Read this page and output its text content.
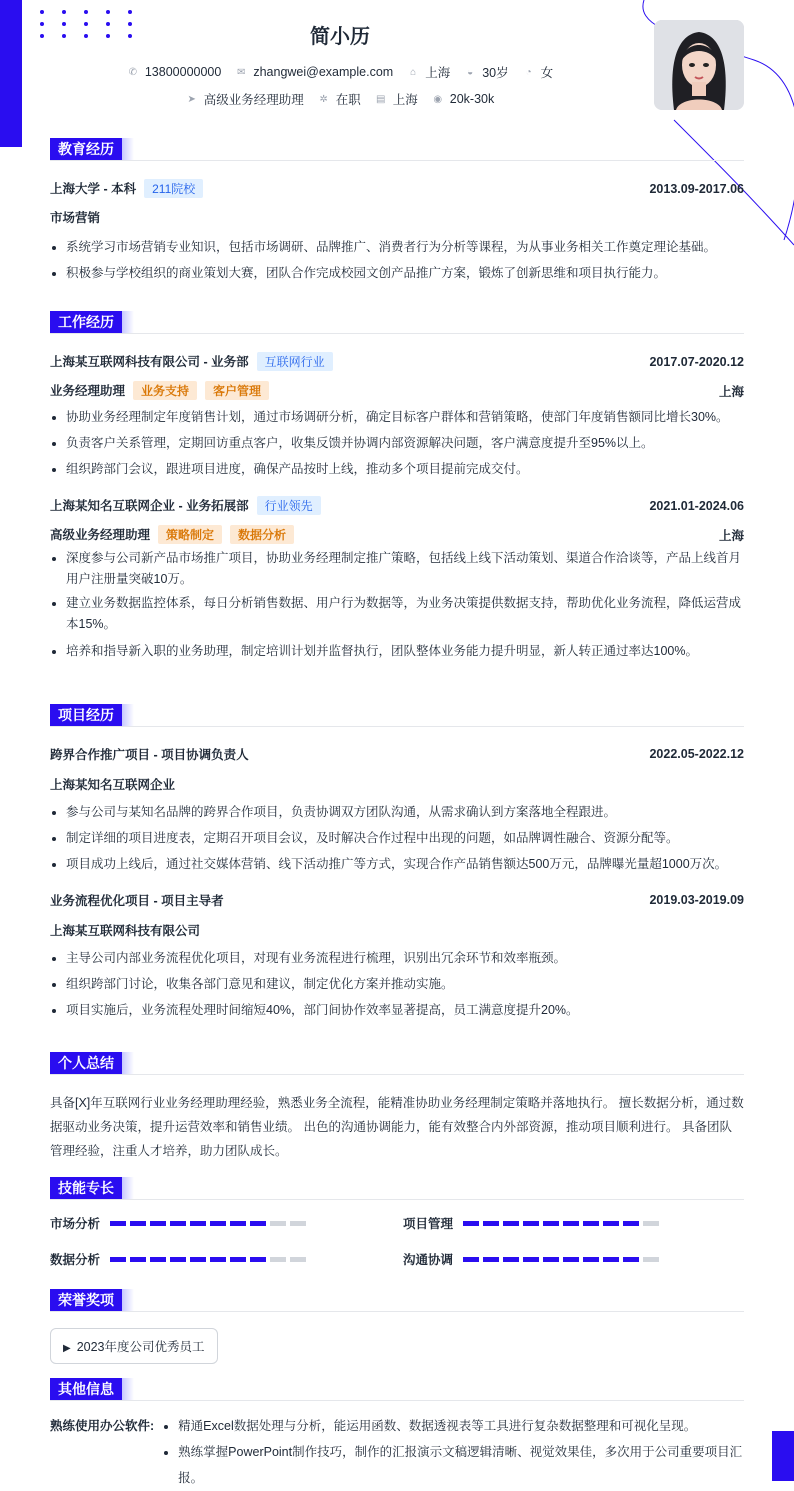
简小历
✆ 13800000000 ✉ zhangwei@example.com ⌂ 上海 ◒ 30岁 ◔ 女
➤ 高级业务经理助理 ✲ 在职 ▤ 上海 ◉ 20k-30k
教育经历
上海大学 - 本科 211院校	2013.09-2017.06
市场营销
• 系统学习市场营销专业知识，包括市场调研、品牌推广、消费者行为分析等课程，为从事业务相关工作奠定理论基础。
• 积极参与学校组织的商业策划大赛，团队合作完成校园文创产品推广方案，锻炼了创新思维和项目执行能力。
工作经历
上海某互联网科技有限公司 - 业务部 互联网行业	2017.07-2020.12
业务经理助理 业务支持 客户管理	上海
• 协助业务经理制定年度销售计划，通过市场调研分析，确定目标客户群体和营销策略，使部门年度销售额同比增长30%。
• 负责客户关系管理，定期回访重点客户，收集反馈并协调内部资源解决问题，客户满意度提升至95%以上。
• 组织跨部门会议，跟进项目进度，确保产品按时上线，推动多个项目提前完成交付。
上海某知名互联网企业 - 业务拓展部 行业领先	2021.01-2024.06
高级业务经理助理 策略制定 数据分析	上海
• 深度参与公司新产品市场推广项目，协助业务经理制定推广策略，包括线上线下活动策划、渠道合作洽谈等，产品上线首月用户注册量突破10万。
• 建立业务数据监控体系，每日分析销售数据、用户行为数据等，为业务决策提供数据支持，帮助优化业务流程，降低运营成本15%。
• 培养和指导新入职的业务助理，制定培训计划并监督执行，团队整体业务能力提升明显，新人转正通过率达100%。
项目经历
跨界合作推广项目 - 项目协调负责人	2022.05-2022.12
上海某知名互联网企业
• 参与公司与某知名品牌的跨界合作项目，负责协调双方团队沟通，从需求确认到方案落地全程跟进。
• 制定详细的项目进度表，定期召开项目会议，及时解决合作过程中出现的问题，如品牌调性融合、资源分配等。
• 项目成功上线后，通过社交媒体营销、线下活动推广等方式，实现合作产品销售额达500万元，品牌曝光量超1000万次。
业务流程优化项目 - 项目主导者	2019.03-2019.09
上海某互联网科技有限公司
• 主导公司内部业务流程优化项目，对现有业务流程进行梳理，识别出冗余环节和效率瓶颈。
• 组织跨部门讨论，收集各部门意见和建议，制定优化方案并推动实施。
• 项目实施后，业务流程处理时间缩短40%，部门间协作效率显著提高，员工满意度提升20%。
个人总结
具备[X]年互联网行业业务经理助理经验，熟悉业务全流程，能精准协助业务经理制定策略并落地执行。 擅长数据分析，通过数据驱动业务决策，提升运营效率和销售业绩。 出色的沟通协调能力，能有效整合内外部资源，推动项目顺利进行。 具备团队管理经验，注重人才培养，助力团队成长。
技能专长
市场分析	项目管理
数据分析	沟通协调
荣誉奖项
▶ 2023年度公司优秀员工
其他信息
熟练使用办公软件:
• 精通Excel数据处理与分析，能运用函数、数据透视表等工具进行复杂数据整理和可视化呈现。
• 熟练掌握PowerPoint制作技巧，制作的汇报演示文稿逻辑清晰、视觉效果佳，多次用于公司重要项目汇报。
